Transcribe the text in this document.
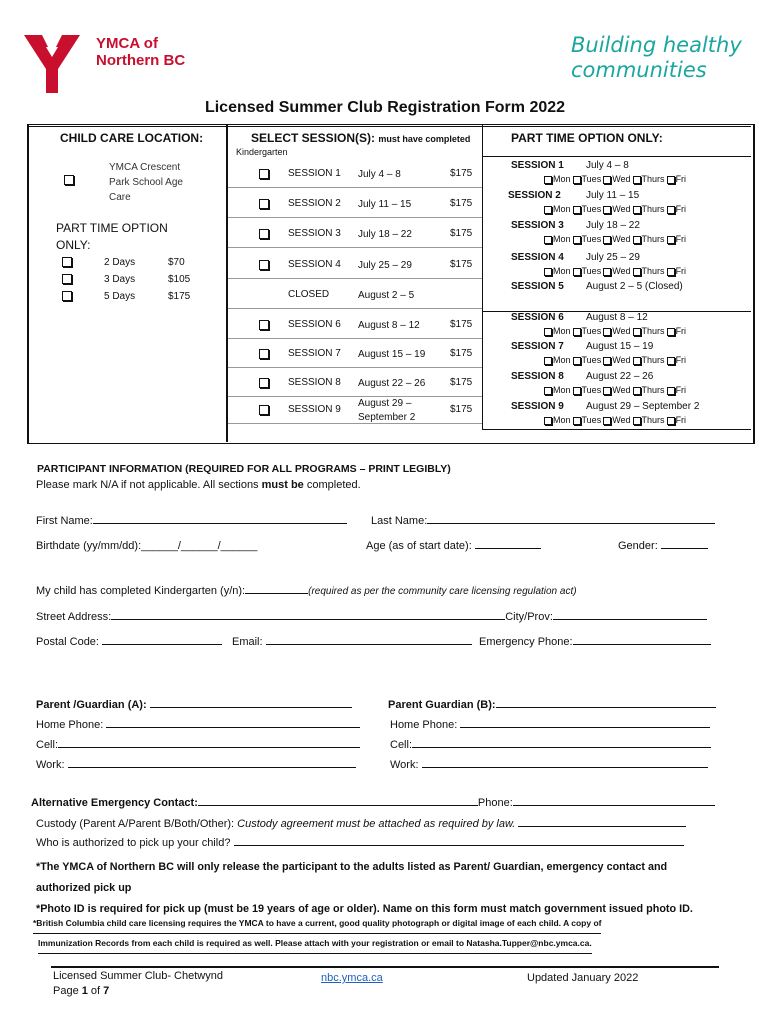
YMCA of
Northern BC
Building healthy
communities
Licensed Summer Club Registration Form 2022
CHILD CARE LOCATION:
YMCA Crescent
Park School Age
Care
PART TIME OPTION
ONLY:
2 Days	$70
3 Days	$105
5 Days	$175
SELECT SESSION(S): must have completed
Kindergarten
SESSION 1 July 4 – 8	$175
SESSION 2 July 11 – 15	$175
SESSION 3 July 18 – 22	$175
SESSION 4 July 25 – 29	$175
CLOSED	August 2 – 5
SESSION 6 August 8 – 12	$175
SESSION 7 August 15 – 19 $175
SESSION 8 August 22 – 26 $175
SESSION 9
August 29 –
September 2
$175
PART TIME OPTION ONLY:
SESSION 1 July 4 – 8
Mon Tues Wed Thurs Fri
SESSION 2	July 11 – 15
Mon Tues Wed Thurs Fri
SESSION 3 July 18 – 22
Mon Tues Wed Thurs Fri
SESSION 4 July 25 – 29
Mon Tues Wed Thurs Fri
SESSION 5 August 2 – 5 (Closed)
SESSION 6 August 8 – 12
Mon Tues Wed Thurs Fri
SESSION 7 August 15 – 19
Mon Tues Wed Thurs Fri
SESSION 8 August 22 – 26
Mon Tues Wed Thurs Fri
SESSION 9 August 29 – September 2
Mon Tues Wed Thurs Fri
PARTICIPANT INFORMATION (REQUIRED FOR ALL PROGRAMS – PRINT LEGIBLY)
Please mark N/A if not applicable. All sections must be completed.
First Name:	Last Name:
Birthdate (yy/mm/dd):______/______/______	Age (as of start date):	Gender:
My child has completed Kindergarten (y/n):	(required as per the community care licensing regulation act)
Street Address:	City/Prov:
Postal Code:	Email:	Emergency Phone:
Parent /Guardian (A):	Parent Guardian (B):
Home Phone:	Home Phone:
Cell:	Cell:
Work:	Work:
Alternative Emergency Contact:	Phone:
Custody (Parent A/Parent B/Both/Other): Custody agreement must be attached as required by law.
Who is authorized to pick up your child?
*The YMCA of Northern BC will only release the participant to the adults listed as Parent/ Guardian, emergency contact and
authorized pick up
*Photo ID is required for pick up (must be 19 years of age or older). Name on this form must match government issued photo ID.
*British Columbia child care licensing requires the YMCA to have a current, good quality photograph or digital image of each child. A copy of
Immunization Records from each child is required as well. Please attach with your registration or email to Natasha.Tupper@nbc.ymca.ca.
Licensed Summer Club- Chetwynd
Page 1 of 7
nbc.ymca.ca	Updated January 2022
